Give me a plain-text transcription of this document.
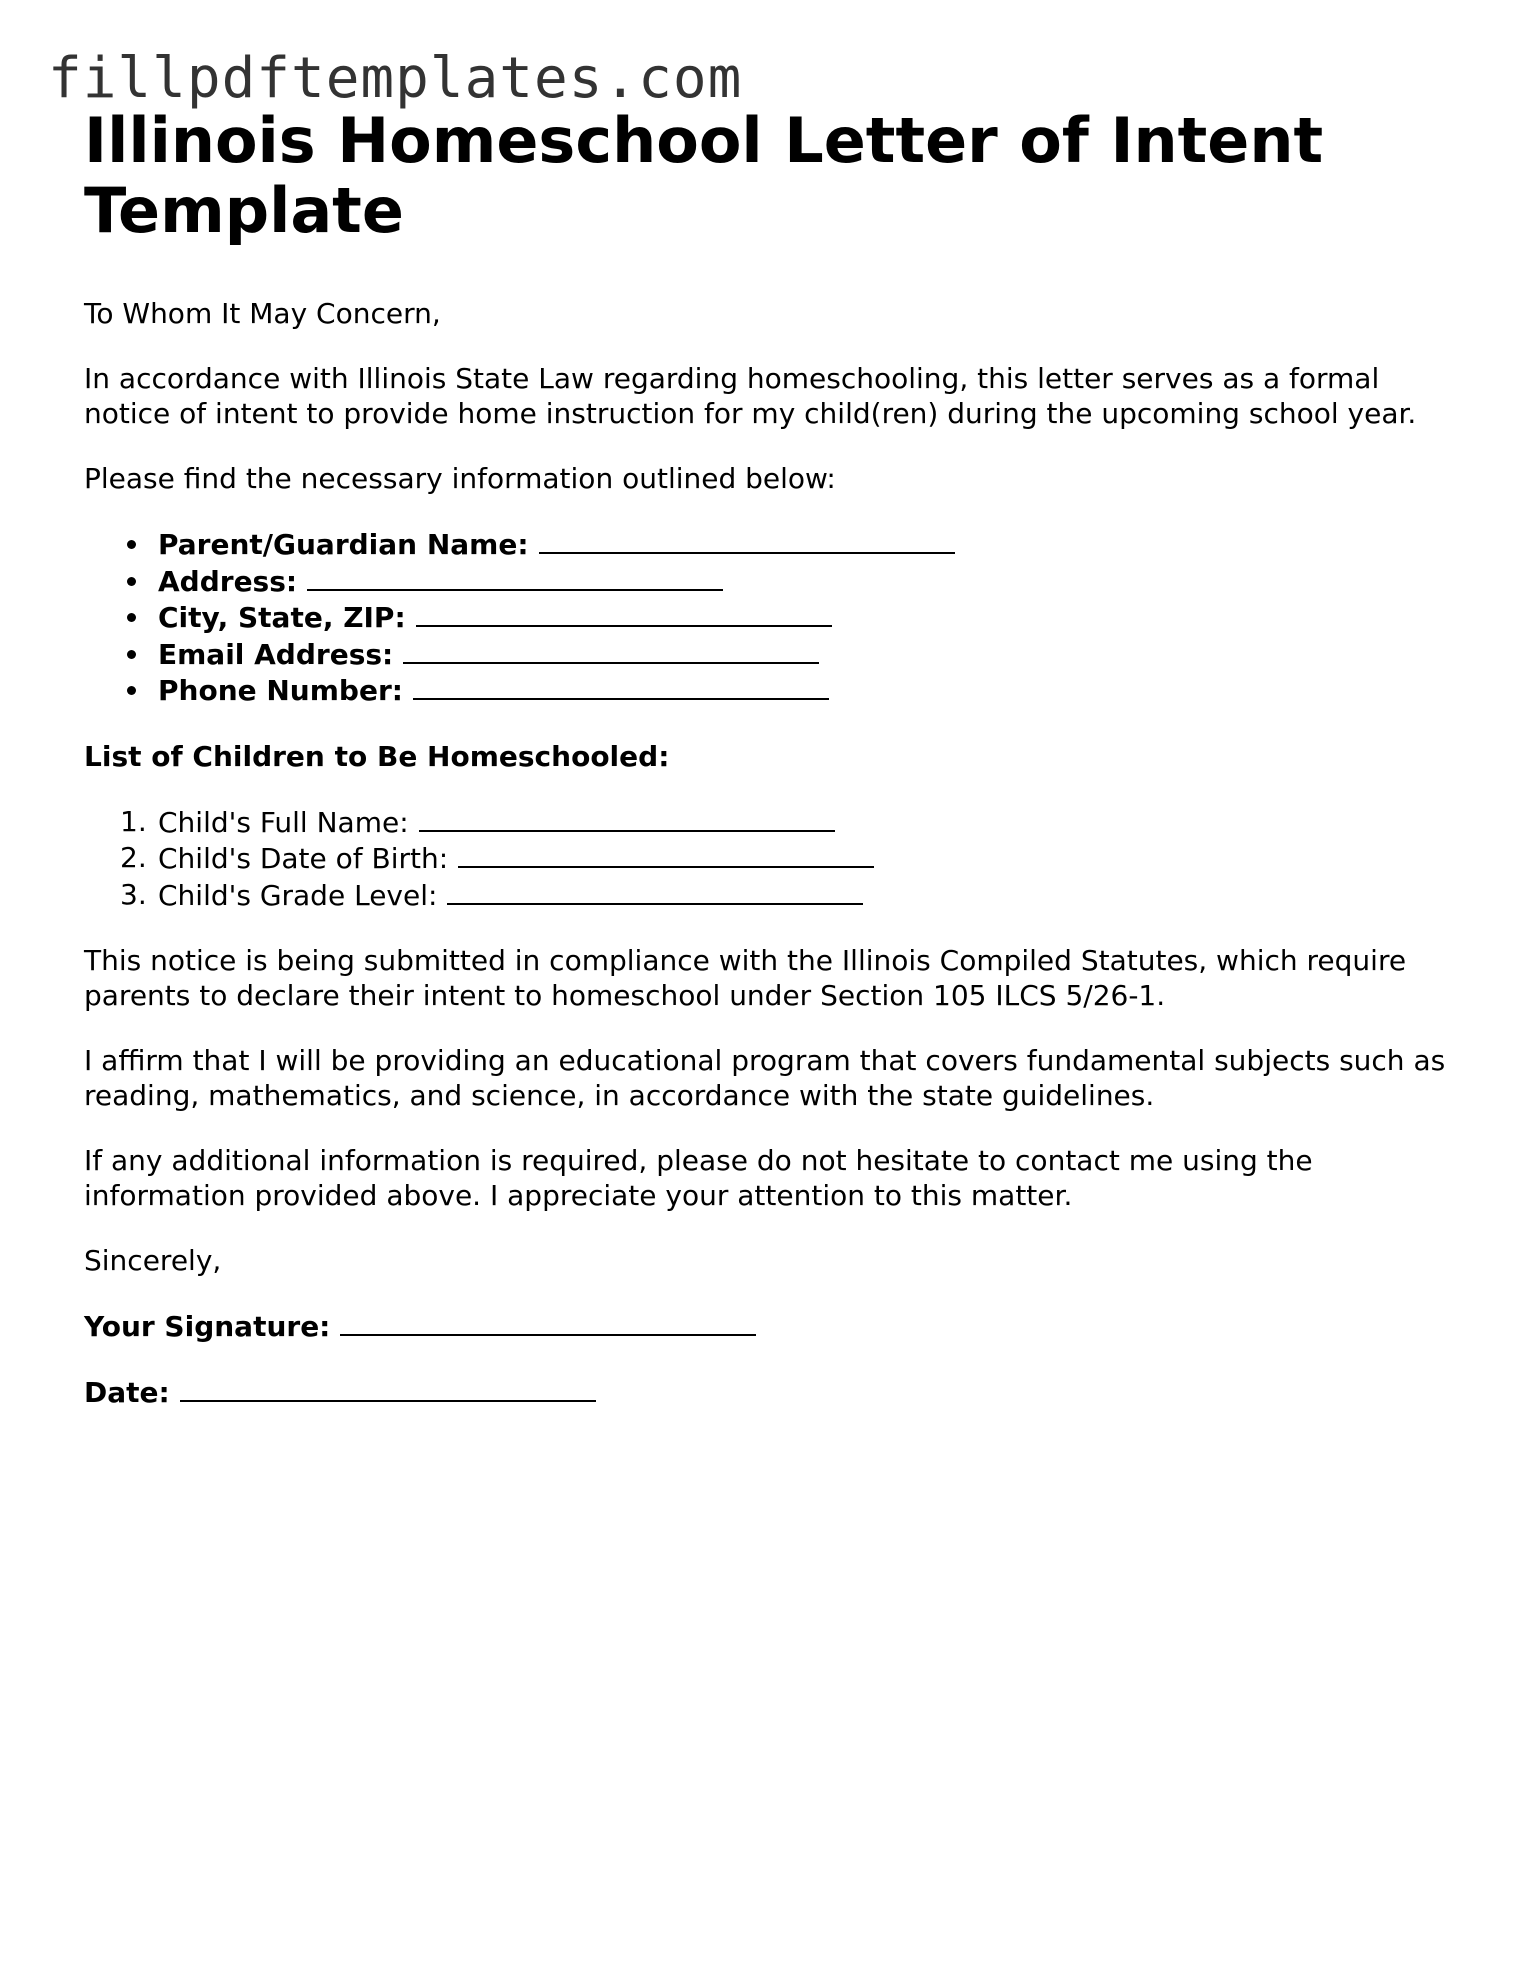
fillpdftemplates.com
Illinois Homeschool Letter of Intent Template

To Whom It May Concern,

In accordance with Illinois State Law regarding homeschooling, this letter serves as a formal notice of intent to provide home instruction for my child(ren) during the upcoming school year.

Please find the necessary information outlined below:

Parent/Guardian Name:
Address:
City, State, ZIP:
Email Address:
Phone Number:

List of Children to Be Homeschooled:

1. Child's Full Name:
2. Child's Date of Birth:
3. Child's Grade Level:

This notice is being submitted in compliance with the Illinois Compiled Statutes, which require parents to declare their intent to homeschool under Section 105 ILCS 5/26-1.

I affirm that I will be providing an educational program that covers fundamental subjects such as reading, mathematics, and science, in accordance with the state guidelines.

If any additional information is required, please do not hesitate to contact me using the information provided above. I appreciate your attention to this matter.

Sincerely,

Your Signature:
Date:
